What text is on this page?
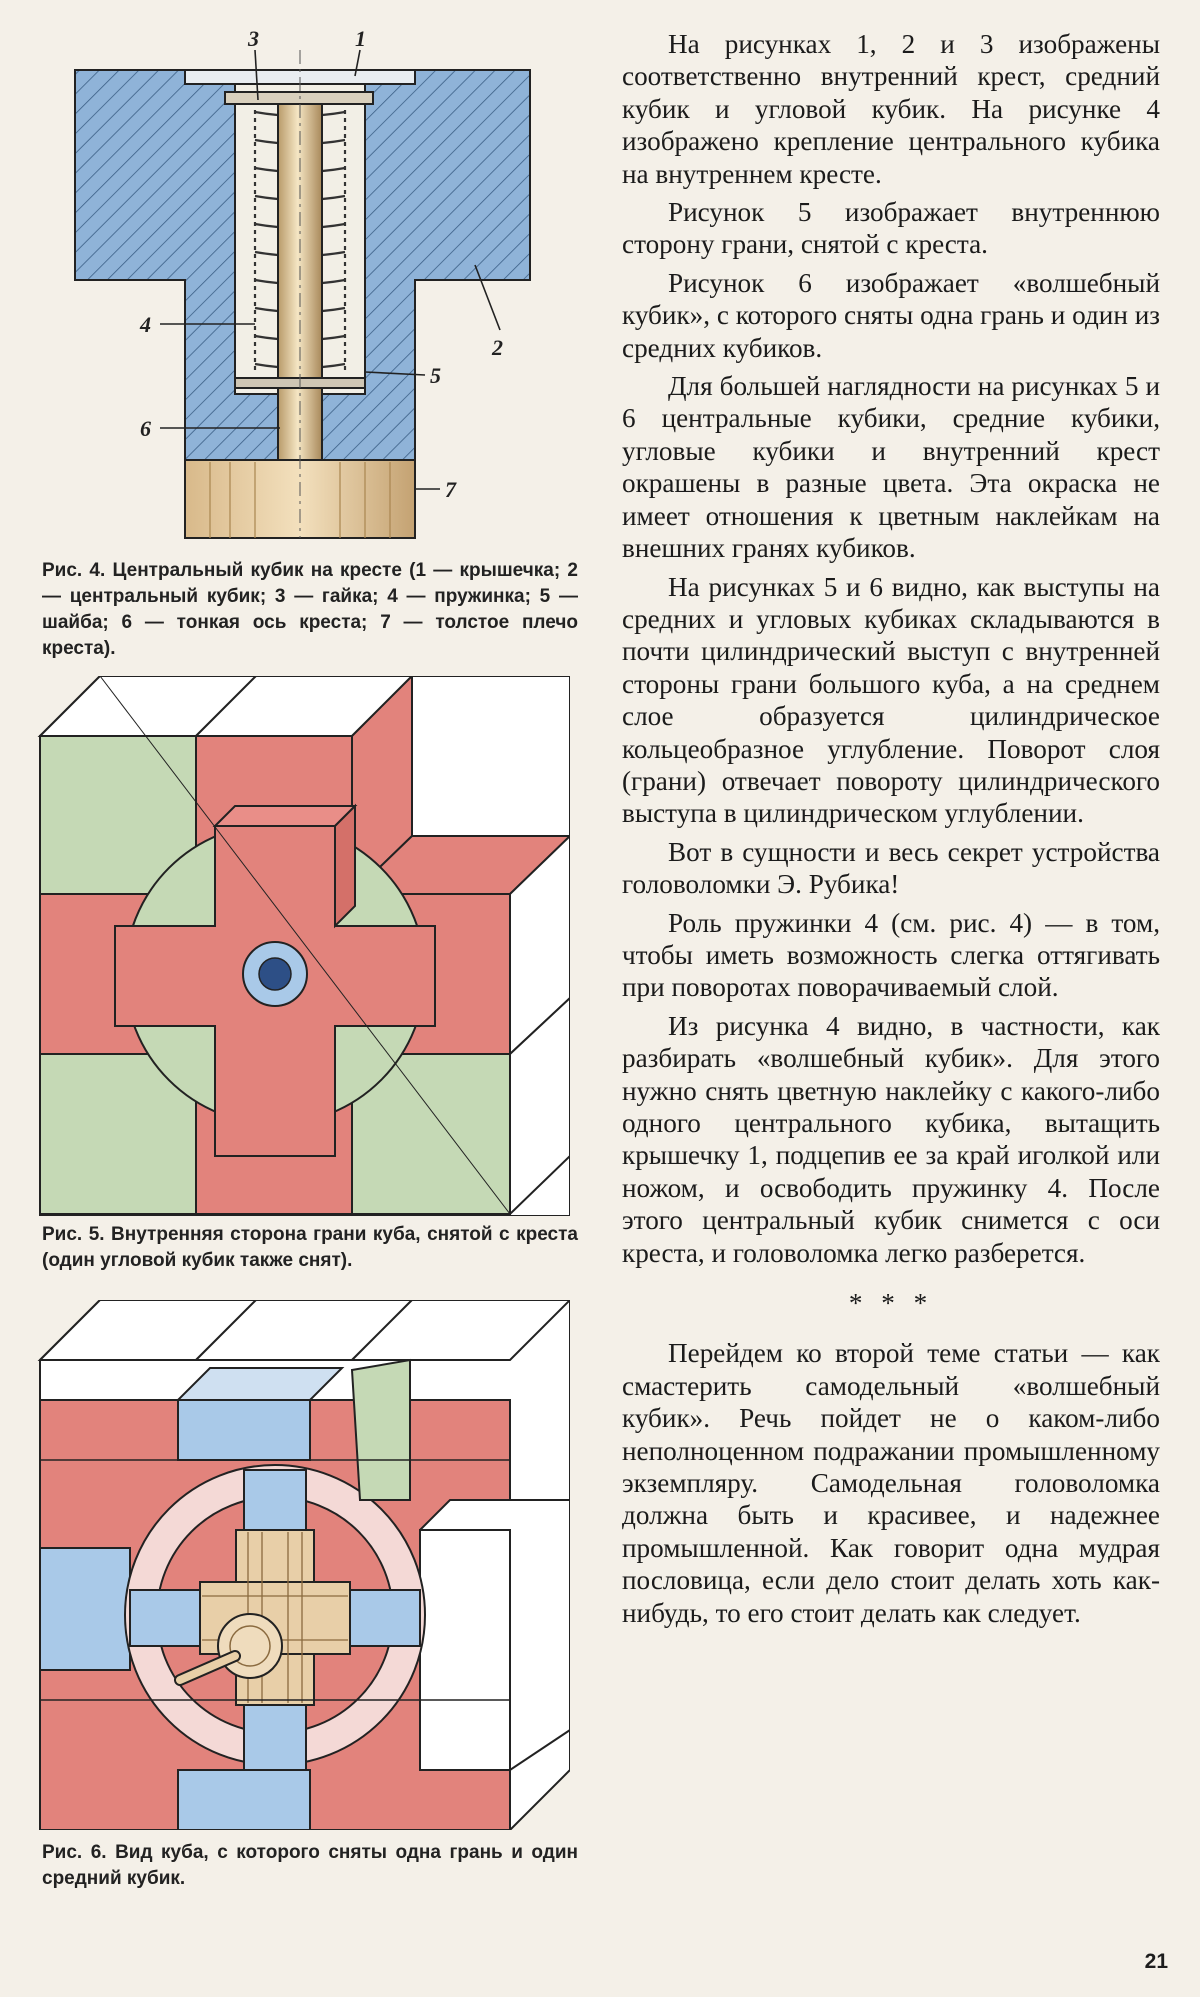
3	1
2
4
5
6
7
Рис. 4. Центральный кубик на кресте (1 — крышечка; 2 — центральный кубик; 3 — гайка; 4 — пружинка; 5 — шайба; 6 — тонкая ось креста; 7 — толстое плечо креста).
Рис. 5. Внутренняя сторона грани куба, снятой с креста (один угловой кубик также снят).
Рис. 6. Вид куба, с которого сняты одна грань и один средний кубик.

На рисунках 1, 2 и 3 изображены соответственно внутренний крест, средний кубик и угловой кубик. На рисунке 4 изображено крепление центрального кубика на внутреннем кресте.

Рисунок 5 изображает внутреннюю сторону грани, снятой с креста.

Рисунок 6 изображает «волшебный кубик», с которого сняты одна грань и один из средних кубиков.

Для большей наглядности на рисунках 5 и 6 центральные кубики, средние кубики, угловые кубики и внутренний крест окрашены в разные цвета. Эта окраска не имеет отношения к цветным наклейкам на внешних гранях кубиков.

На рисунках 5 и 6 видно, как выступы на средних и угловых кубиках складываются в почти цилиндрический выступ с внутренней стороны грани большого куба, а на среднем слое образуется цилиндрическое кольцеобразное углубление. Поворот слоя (грани) отвечает повороту цилиндрического выступа в цилиндрическом углублении.

Вот в сущности и весь секрет устройства головоломки Э. Рубика!

Роль пружинки 4 (см. рис. 4) — в том, чтобы иметь возможность слегка оттягивать при поворотах поворачиваемый слой.

Из рисунка 4 видно, в частности, как разбирать «волшебный кубик». Для этого нужно снять цветную наклейку с какого-либо одного центрального кубика, вытащить крышечку 1, подцепив ее за край иголкой или ножом, и освободить пружинку 4. После этого центральный кубик снимется с оси креста, и головоломка легко разберется.

* * *

Перейдем ко второй теме статьи — как смастерить самодельный «волшебный кубик». Речь пойдет не о каком-либо неполноценном подражании промышленному экземпляру. Самодельная головоломка должна быть и красивее, и надежнее промышленной. Как говорит одна мудрая пословица, если дело стоит делать хоть как-нибудь, то его стоит делать как следует.

21
